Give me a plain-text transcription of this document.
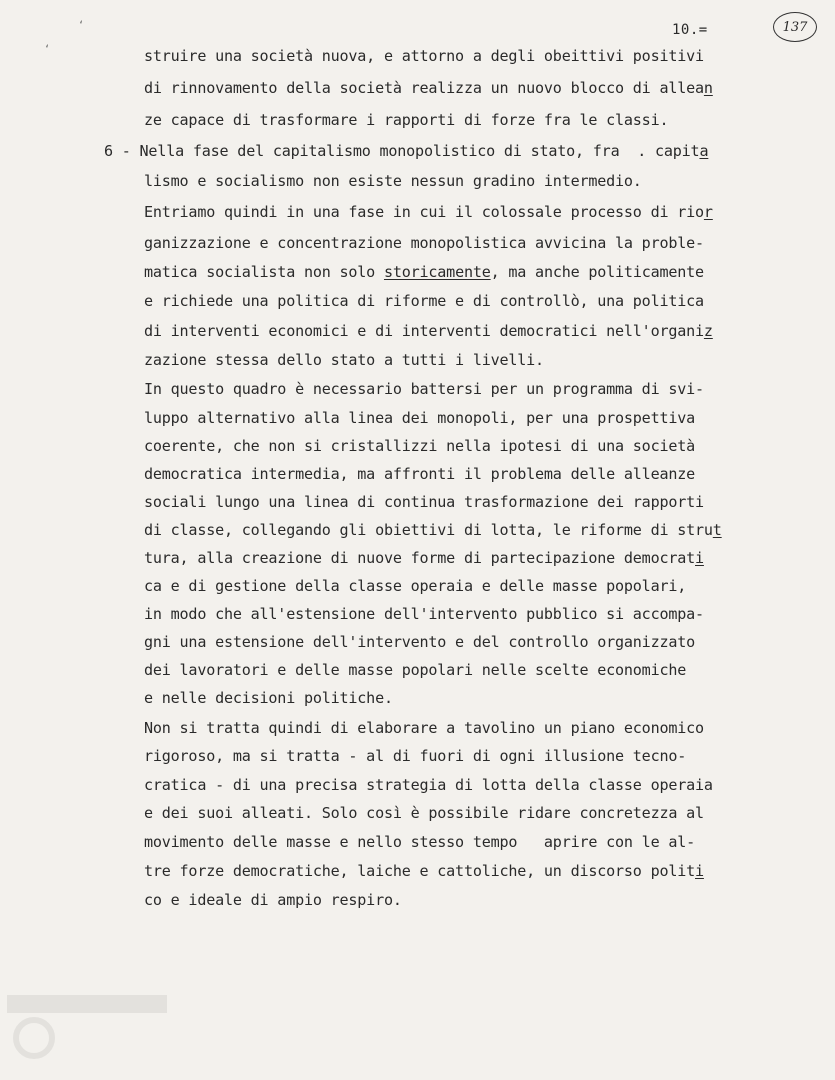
‘
‘
10.=	137
struire una società nuova, e attorno a degli obeittivi positivi
di rinnovamento della società realizza un nuovo blocco di allean
ze capace di trasformare i rapporti di forze fra le classi.
6 - Nella fase del capitalismo monopolistico di stato, fra  . capita
lismo e socialismo non esiste nessun gradino intermedio.
Entriamo quindi in una fase in cui il colossale processo di rior
ganizzazione e concentrazione monopolistica avvicina la proble-
matica socialista non solo storicamente, ma anche politicamente
e richiede una politica di riforme e di controllò, una politica
di interventi economici e di interventi democratici nell'organiz
zazione stessa dello stato a tutti i livelli.
In questo quadro è necessario battersi per un programma di svi-
luppo alternativo alla linea dei monopoli, per una prospettiva
coerente, che non si cristallizzi nella ipotesi di una società
democratica intermedia, ma affronti il problema delle alleanze
sociali lungo una linea di continua trasformazione dei rapporti
di classe, collegando gli obiettivi di lotta, le riforme di strut
tura, alla creazione di nuove forme di partecipazione democrati
ca e di gestione della classe operaia e delle masse popolari,
in modo che all'estensione dell'intervento pubblico si accompa-
gni una estensione dell'intervento e del controllo organizzato
dei lavoratori e delle masse popolari nelle scelte economiche
e nelle decisioni politiche.
Non si tratta quindi di elaborare a tavolino un piano economico
rigoroso, ma si tratta - al di fuori di ogni illusione tecno-
cratica - di una precisa strategia di lotta della classe operaia
e dei suoi alleati. Solo così è possibile ridare concretezza al
movimento delle masse e nello stesso tempo   aprire con le al-
tre forze democratiche, laiche e cattoliche, un discorso politi
co e ideale di ampio respiro.
